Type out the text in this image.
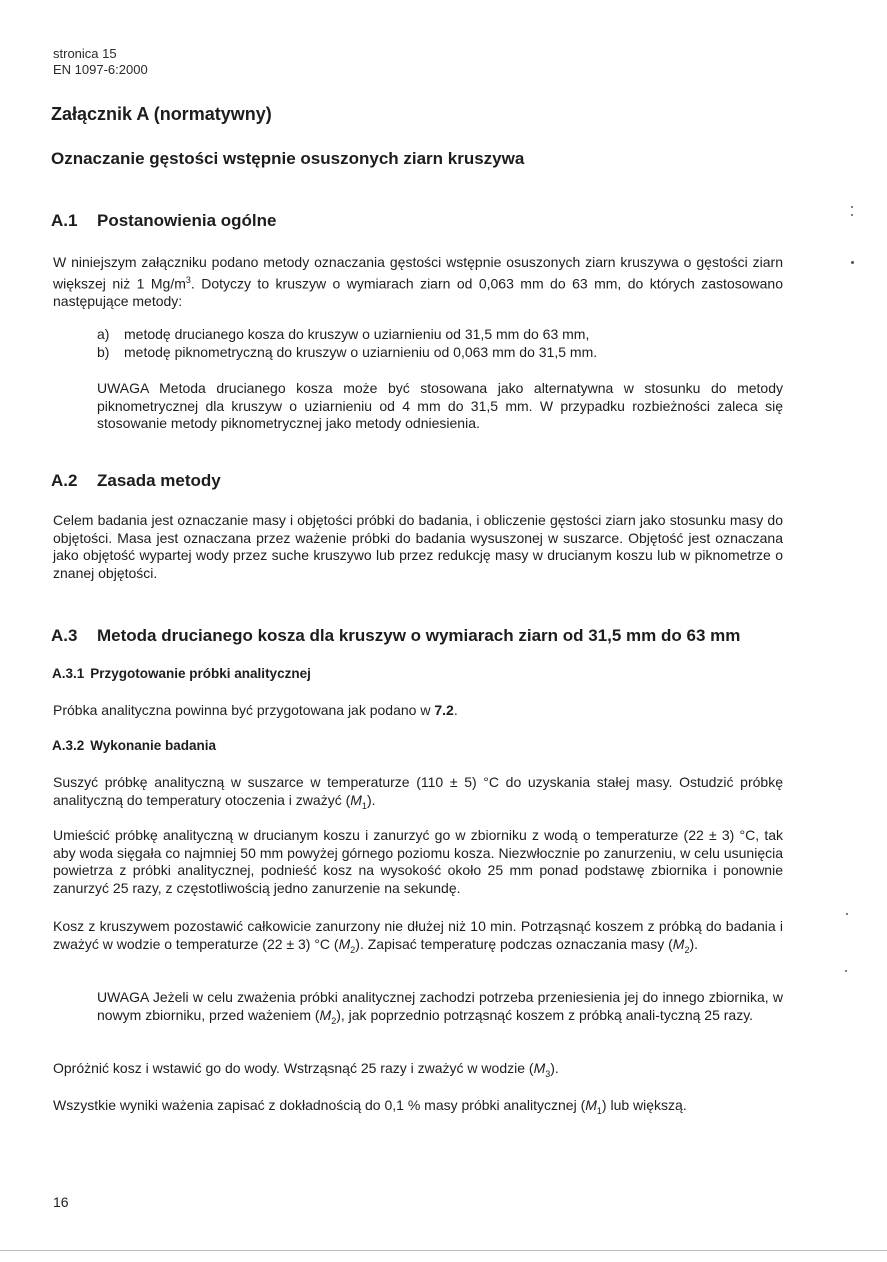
stronica 15
EN 1097-6:2000
Załącznik A (normatywny)
Oznaczanie gęstości wstępnie osuszonych ziarn kruszywa
A.1 Postanowienia ogólne

W niniejszym załączniku podano metody oznaczania gęstości wstępnie osuszonych ziarn kruszywa o gęstości ziarn większej niż 1 $Mg/m^3$. Dotyczy to kruszyw o wymiarach ziarn od 0,063 mm do 63 mm, do których zastosowano następujące metody:

a) metodę drucianego kosza do kruszyw o uziarnieniu od 31,5 mm do 63 mm,
b) metodę piknometryczną do kruszyw o uziarnieniu od 0,063 mm do 31,5 mm.

UWAGA Metoda drucianego kosza może być stosowana jako alternatywna w stosunku do metody piknometrycznej dla kruszyw o uziarnieniu od 4 mm do 31,5 mm. W przypadku rozbieżności zaleca się stosowanie metody piknometrycznej jako metody odniesienia.

A.2 Zasada metody

Celem badania jest oznaczanie masy i objętości próbki do badania, i obliczenie gęstości ziarn jako stosunku masy do objętości. Masa jest oznaczana przez ważenie próbki do badania wysuszonej w suszarce. Objętość jest oznaczana jako objętość wypartej wody przez suche kruszywo lub przez redukcję masy w drucianym koszu lub w piknometrze o znanej objętości.

A.3 Metoda drucianego kosza dla kruszyw o wymiarach ziarn od 31,5 mm do 63 mm
A.3.1 Przygotowanie próbki analitycznej

Próbka analityczna powinna być przygotowana jak podano w 7.2.

A.3.2 Wykonanie badania

Suszyć próbkę analityczną w suszarce w temperaturze (110 ± 5) °C do uzyskania stałej masy. Ostudzić próbkę analityczną do temperatury otoczenia i zważyć $(M_1)$.

Umieścić próbkę analityczną w drucianym koszu i zanurzyć go w zbiorniku z wodą o temperaturze (22 ± 3) °C, tak aby woda sięgała co najmniej 50 mm powyżej górnego poziomu kosza. Niezwłocznie po zanurzeniu, w celu usunięcia powietrza z próbki analitycznej, podnieść kosz na wysokość około 25 mm ponad podstawę zbiornika i ponownie zanurzyć 25 razy, z częstotliwością jedno zanurzenie na sekundę.

Kosz z kruszywem pozostawić całkowicie zanurzony nie dłużej niż 10 min. Potrząsnąć koszem z próbką do badania i zważyć w wodzie o temperaturze (22 ± 3) °C $(M_2)$. Zapisać temperaturę podczas oznaczania masy $(M_2)$.

UWAGA Jeżeli w celu zważenia próbki analitycznej zachodzi potrzeba przeniesienia jej do innego zbiornika, w nowym zbiorniku, przed ważeniem $(M_2)$, jak poprzednio potrząsnąć koszem z próbką anali-tyczną 25 razy.

Opróżnić kosz i wstawić go do wody. Wstrząsnąć 25 razy i zważyć w wodzie $(M_3)$.

Wszystkie wyniki ważenia zapisać z dokładnością do 0,1 % masy próbki analitycznej $(M_1)$ lub większą.

16
